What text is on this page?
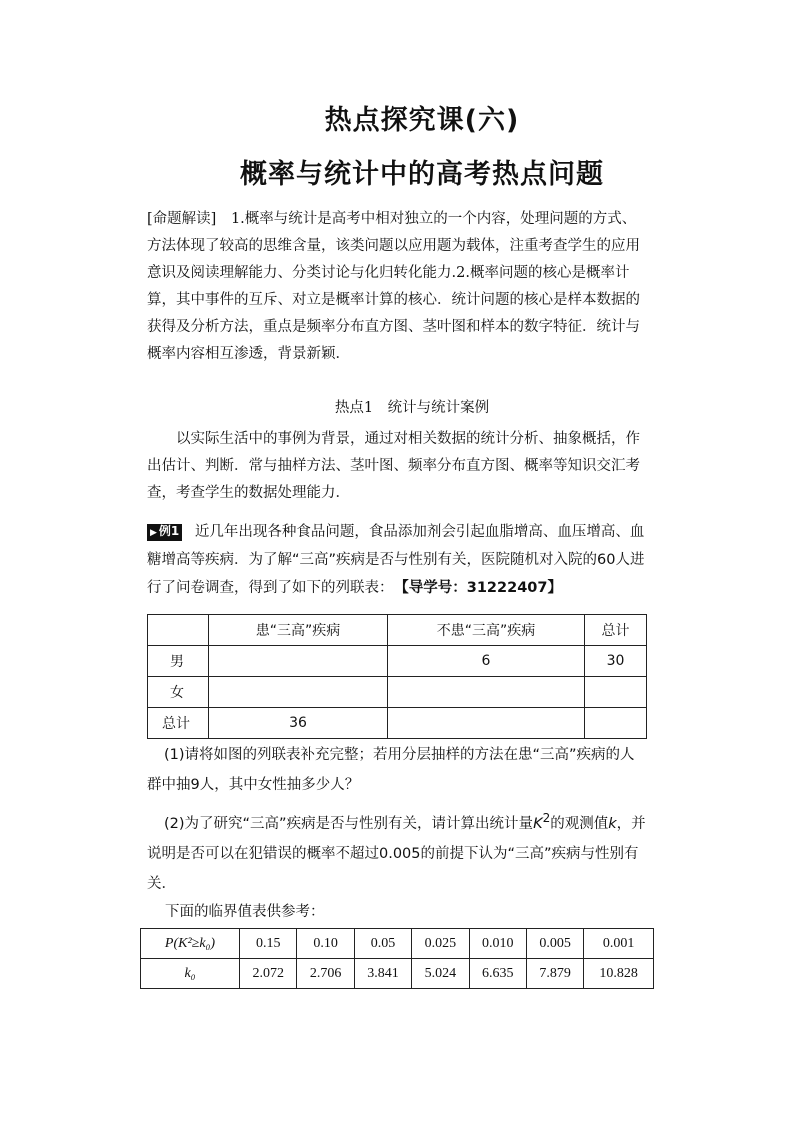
热点探究课(六)
概率与统计中的高考热点问题
[命题解读] 1.概率与统计是高考中相对独立的一个内容，处理问题的方式、方法体现了较高的思维含量，该类问题以应用题为载体，注重考查学生的应用意识及阅读理解能力、分类讨论与化归转化能力.2.概率问题的核心是概率计算，其中事件的互斥、对立是概率计算的核心．统计问题的核心是样本数据的获得及分析方法，重点是频率分布直方图、茎叶图和样本的数字特征．统计与概率内容相互渗透，背景新颖．
热点1　统计与统计案例
以实际生活中的事例为背景，通过对相关数据的统计分析、抽象概括，作出估计、判断．常与抽样方法、茎叶图、频率分布直方图、概率等知识交汇考查，考查学生的数据处理能力．
▶ 例1 近几年出现各种食品问题，食品添加剂会引起血脂增高、血压增高、血糖增高等疾病．为了解“三高”疾病是否与性别有关，医院随机对入院的60人进行了问卷调查，得到了如下的列联表： 【导学号：31222407】
	患“三高”疾病	不患“三高”疾病	总计
男		6	30
女			
总计	36		
(1)请将如图的列联表补充完整；若用分层抽样的方法在患“三高”疾病的人群中抽9人，其中女性抽多少人？
(2)为了研究“三高”疾病是否与性别有关，请计算出统计量$K^2$的观测值k，并说明是否可以在犯错误的概率不超过0.005的前提下认为“三高”疾病与性别有关．
下面的临界值表供参考：
P(K²≥k₀)	0.15	0.10	0.05	0.025	0.010	0.005	0.001
k₀	2.072	2.706	3.841	5.024	6.635	7.879	10.828
